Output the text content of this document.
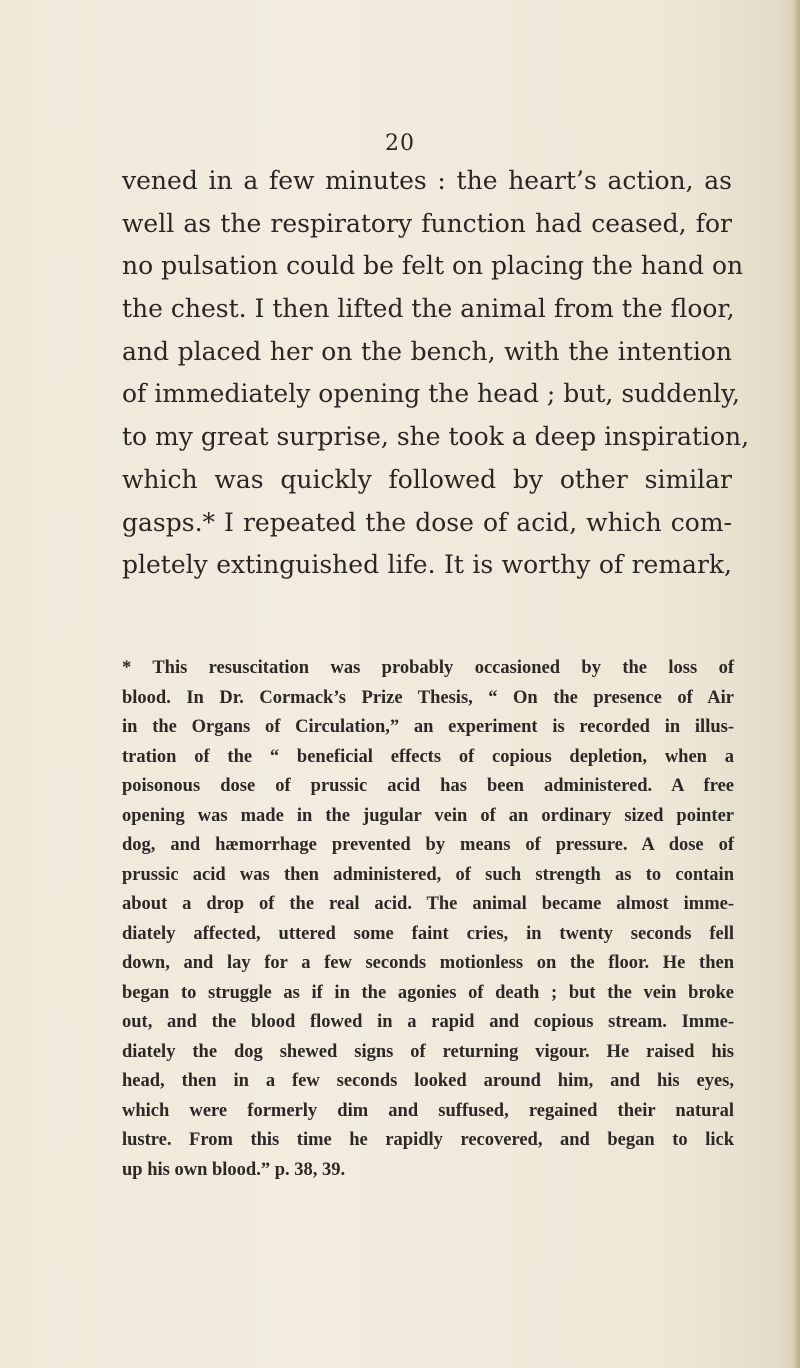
20
vened in a few minutes : the heart’s action, as
well as the respiratory function had ceased, for
no pulsation could be felt on placing the hand on
the chest. I then lifted the animal from the floor,
and placed her on the bench, with the intention
of immediately opening the head ; but, suddenly,
to my great surprise, she took a deep inspiration,
which was quickly followed by other similar
gasps.* I repeated the dose of acid, which com-
pletely extinguished life. It is worthy of remark,
* This resuscitation was probably occasioned by the loss of
blood. In Dr. Cormack’s Prize Thesis, “ On the presence of Air
in the Organs of Circulation,” an experiment is recorded in illus-
tration of the “ beneficial effects of copious depletion, when a
poisonous dose of prussic acid has been administered. A free
opening was made in the jugular vein of an ordinary sized pointer
dog, and hæmorrhage prevented by means of pressure. A dose of
prussic acid was then administered, of such strength as to contain
about a drop of the real acid. The animal became almost imme-
diately affected, uttered some faint cries, in twenty seconds fell
down, and lay for a few seconds motionless on the floor. He then
began to struggle as if in the agonies of death ; but the vein broke
out, and the blood flowed in a rapid and copious stream. Imme-
diately the dog shewed signs of returning vigour. He raised his
head, then in a few seconds looked around him, and his eyes,
which were formerly dim and suffused, regained their natural
lustre. From this time he rapidly recovered, and began to lick
up his own blood.” p. 38, 39.
